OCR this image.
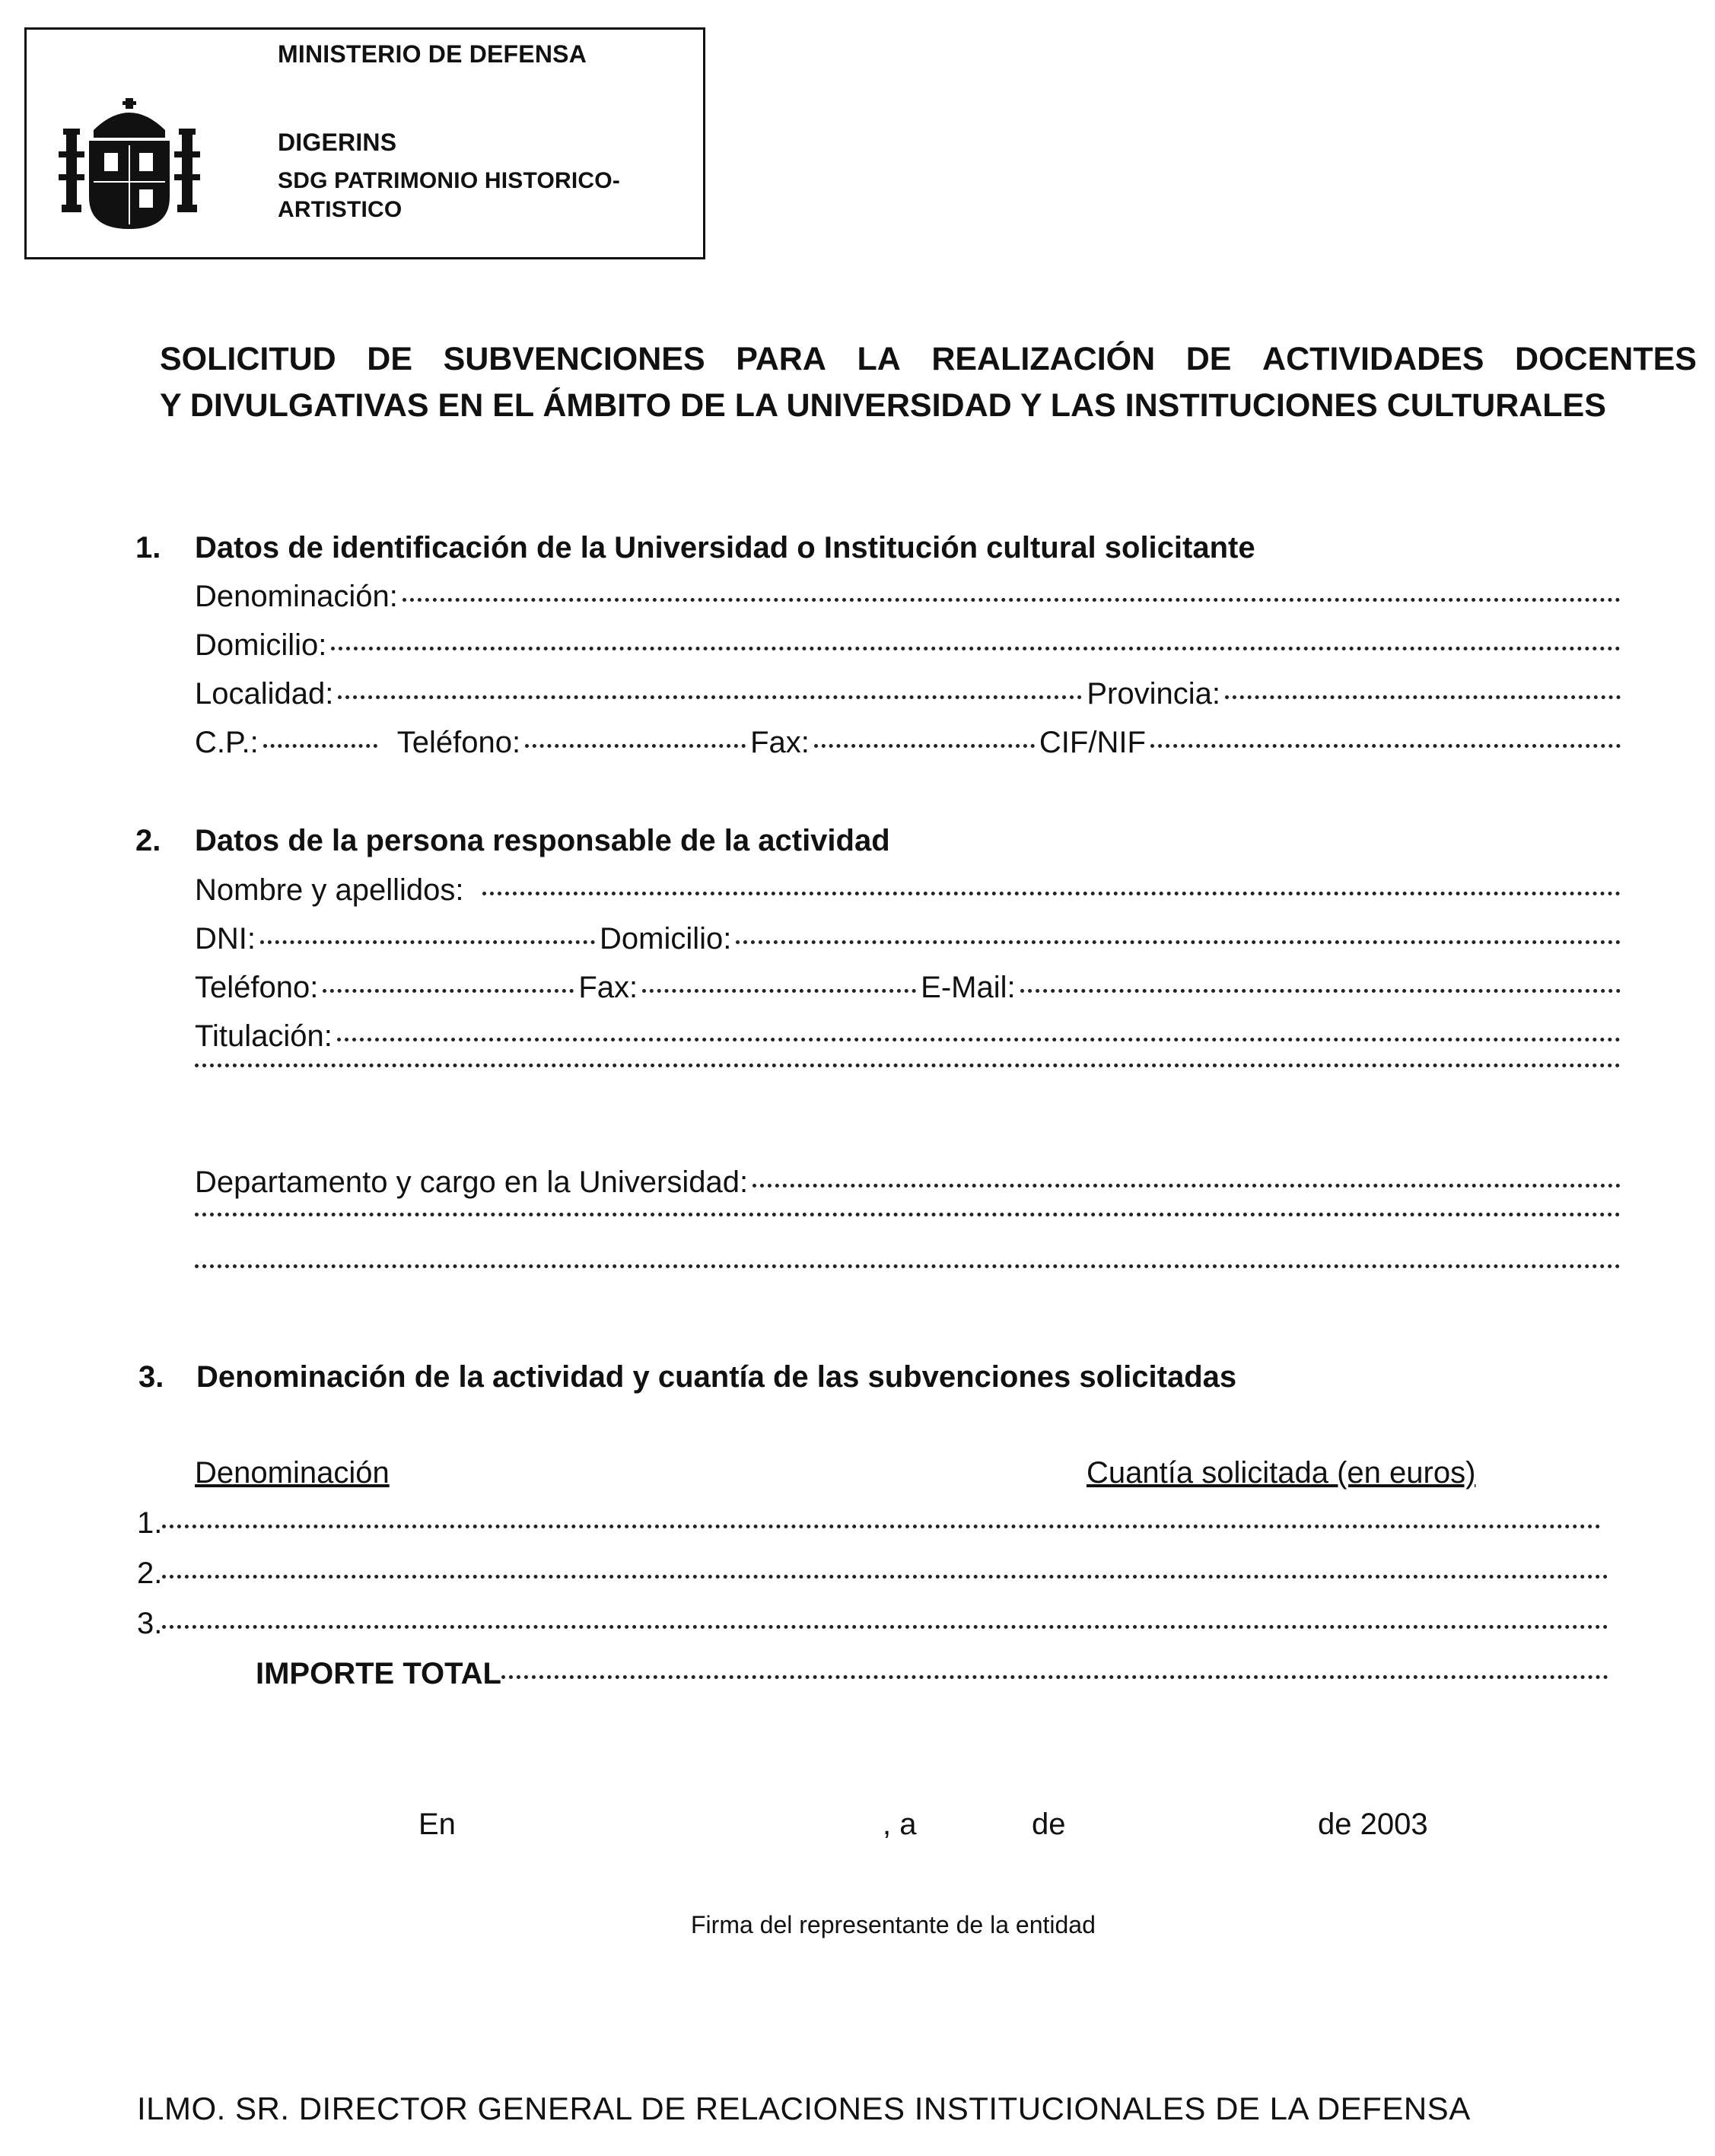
MINISTERIO DE DEFENSA
DIGERINS
SDG PATRIMONIO HISTORICO-
ARTISTICO
SOLICITUD DE SUBVENCIONES PARA LA REALIZACIÓN DE ACTIVIDADES DOCENTES
Y DIVULGATIVAS EN EL ÁMBITO DE LA UNIVERSIDAD Y LAS INSTITUCIONES CULTURALES
1. Datos de identificación de la Universidad o Institución cultural solicitante
Denominación:
Domicilio:
Localidad:	Provincia:
C.P.:	Teléfono:	Fax:	CIF/NIF
2. Datos de la persona responsable de la actividad
Nombre y apellidos:
DNI:	Domicilio:
Teléfono:	Fax:	E-Mail:
Titulación:
Departamento y cargo en la Universidad:
3. Denominación de la actividad y cuantía de las subvenciones solicitadas
Denominación	Cuantía solicitada (en euros)
1.
2.
3.
IMPORTE TOTAL
En	, a	de	de 2003
Firma del representante de la entidad
ILMO. SR. DIRECTOR GENERAL DE RELACIONES INSTITUCIONALES DE LA DEFENSA
